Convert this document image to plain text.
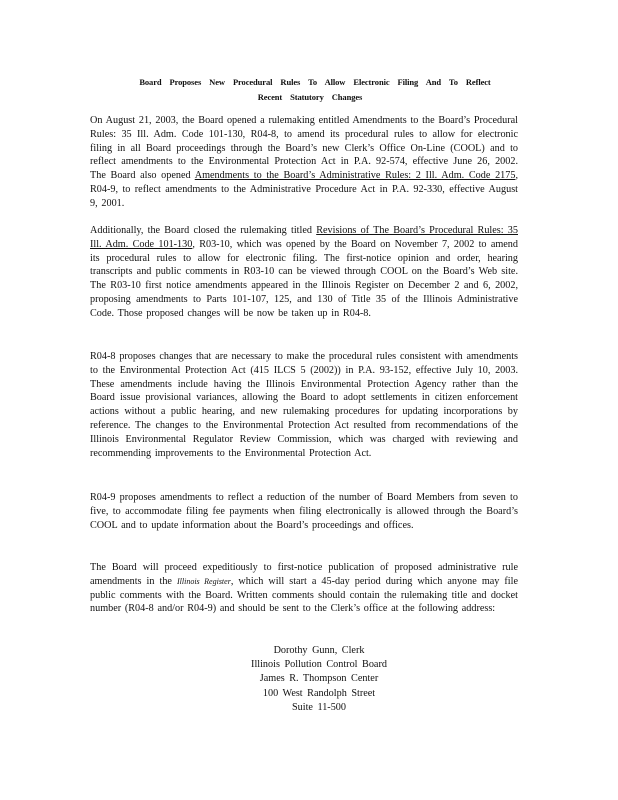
Board Proposes New Procedural Rules To Allow Electronic Filing And To Reflect
Recent Statutory Changes
On August 21, 2003, the Board opened a rulemaking entitled Amendments to the Board’s Procedural Rules: 35 Ill. Adm. Code 101-130, R04-8, to amend its procedural rules to allow for electronic filing in all Board proceedings through the Board’s new Clerk’s Office On-Line (COOL) and to reflect amendments to the Environmental Protection Act in P.A. 92-574, effective June 26, 2002. The Board also opened Amendments to the Board’s Administrative Rules: 2 Ill. Adm. Code 2175, R04-9, to reflect amendments to the Administrative Procedure Act in P.A. 92-330, effective August 9, 2001.
Additionally, the Board closed the rulemaking titled Revisions of The Board’s Procedural Rules: 35 Ill. Adm. Code 101-130, R03-10, which was opened by the Board on November 7, 2002 to amend its procedural rules to allow for electronic filing. The first-notice opinion and order, hearing transcripts and public comments in R03-10 can be viewed through COOL on the Board’s Web site. The R03-10 first notice amendments appeared in the Illinois Register on December 2 and 6, 2002, proposing amendments to Parts 101-107, 125, and 130 of Title 35 of the Illinois Administrative Code. Those proposed changes will be now be taken up in R04-8.
R04-8 proposes changes that are necessary to make the procedural rules consistent with amendments to the Environmental Protection Act (415 ILCS 5 (2002)) in P.A. 93-152, effective July 10, 2003. These amendments include having the Illinois Environmental Protection Agency rather than the Board issue provisional variances, allowing the Board to adopt settlements in citizen enforcement actions without a public hearing, and new rulemaking procedures for updating incorporations by reference. The changes to the Environmental Protection Act resulted from recommendations of the Illinois Environmental Regulator Review Commission, which was charged with reviewing and recommending improvements to the Environmental Protection Act.
R04-9 proposes amendments to reflect a reduction of the number of Board Members from seven to five, to accommodate filing fee payments when filing electronically is allowed through the Board’s COOL and to update information about the Board’s proceedings and offices.
The Board will proceed expeditiously to first-notice publication of proposed administrative rule amendments in the Illinois Register, which will start a 45-day period during which anyone may file public comments with the Board. Written comments should contain the rulemaking title and docket number (R04-8 and/or R04-9) and should be sent to the Clerk’s office at the following address:
Dorothy Gunn, Clerk
Illinois Pollution Control Board
James R. Thompson Center
100 West Randolph Street
Suite 11-500
